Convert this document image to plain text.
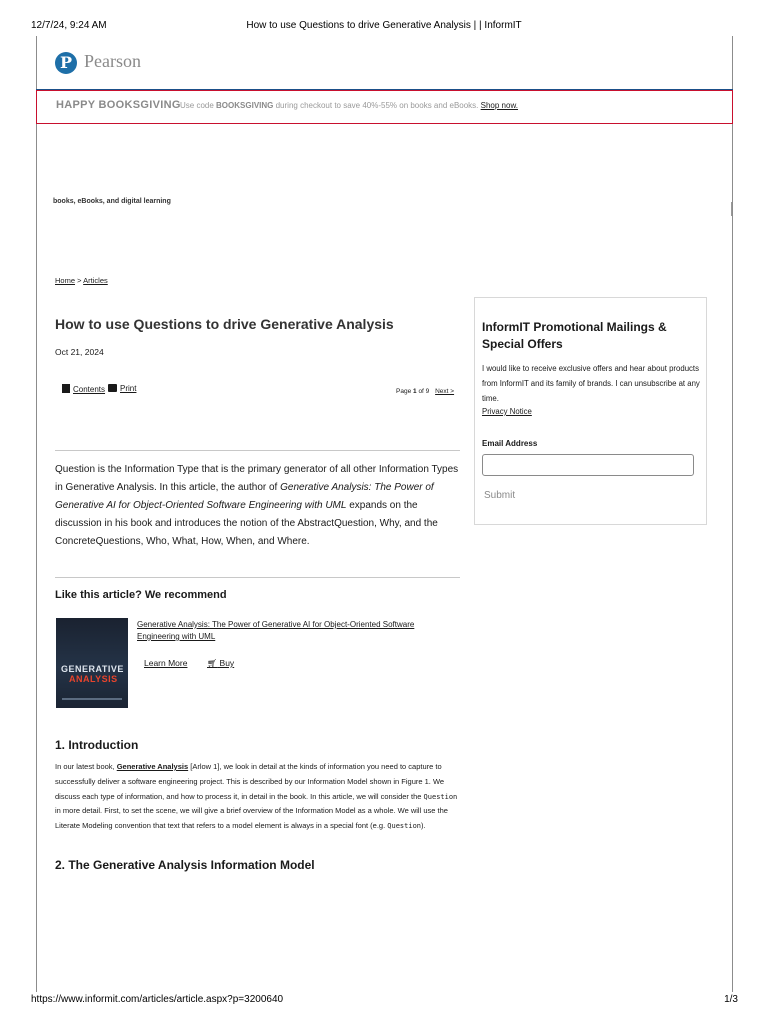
12/7/24, 9:24 AM	How to use Questions to drive Generative Analysis | | InformIT
P Pearson
HAPPY BOOKSGIVING Use code BOOKSGIVING during checkout to save 40%-55% on books and eBooks. Shop now.
books, eBooks, and digital learning
Home > Articles
How to use Questions to drive Generative Analysis
Oct 21, 2024
Contents	Print	Page 1 of 9 Next >
Question is the Information Type that is the primary generator of all other Information Types in Generative Analysis. In this article, the author of Generative Analysis: The Power of Generative AI for Object-Oriented Software Engineering with UML expands on the discussion in his book and introduces the notion of the AbstractQuestion, Why, and the ConcreteQuestions, Who, What, How, When, and Where.
Like this article? We recommend
GENERATIVE
ANALYSIS
Generative Analysis: The Power of Generative AI for Object-Oriented Software Engineering with UML
Learn More 🛒︎ Buy
1. Introduction
In our latest book, Generative Analysis [Arlow 1], we look in detail at the kinds of information you need to capture to successfully deliver a software engineering project. This is described by our Information Model shown in Figure 1. We discuss each type of information, and how to process it, in detail in the book. In this article, we will consider the Question in more detail. First, to set the scene, we will give a brief overview of the Information Model as a whole. We will use the Literate Modeling convention that text that refers to a model element is always in a special font (e.g. Question).
2. The Generative Analysis Information Model
InformIT Promotional Mailings & Special Offers
I would like to receive exclusive offers and hear about products from InformIT and its family of brands. I can unsubscribe at any time.
Privacy Notice
Email Address
Submit
https://www.informit.com/articles/article.aspx?p=3200640	1/3
